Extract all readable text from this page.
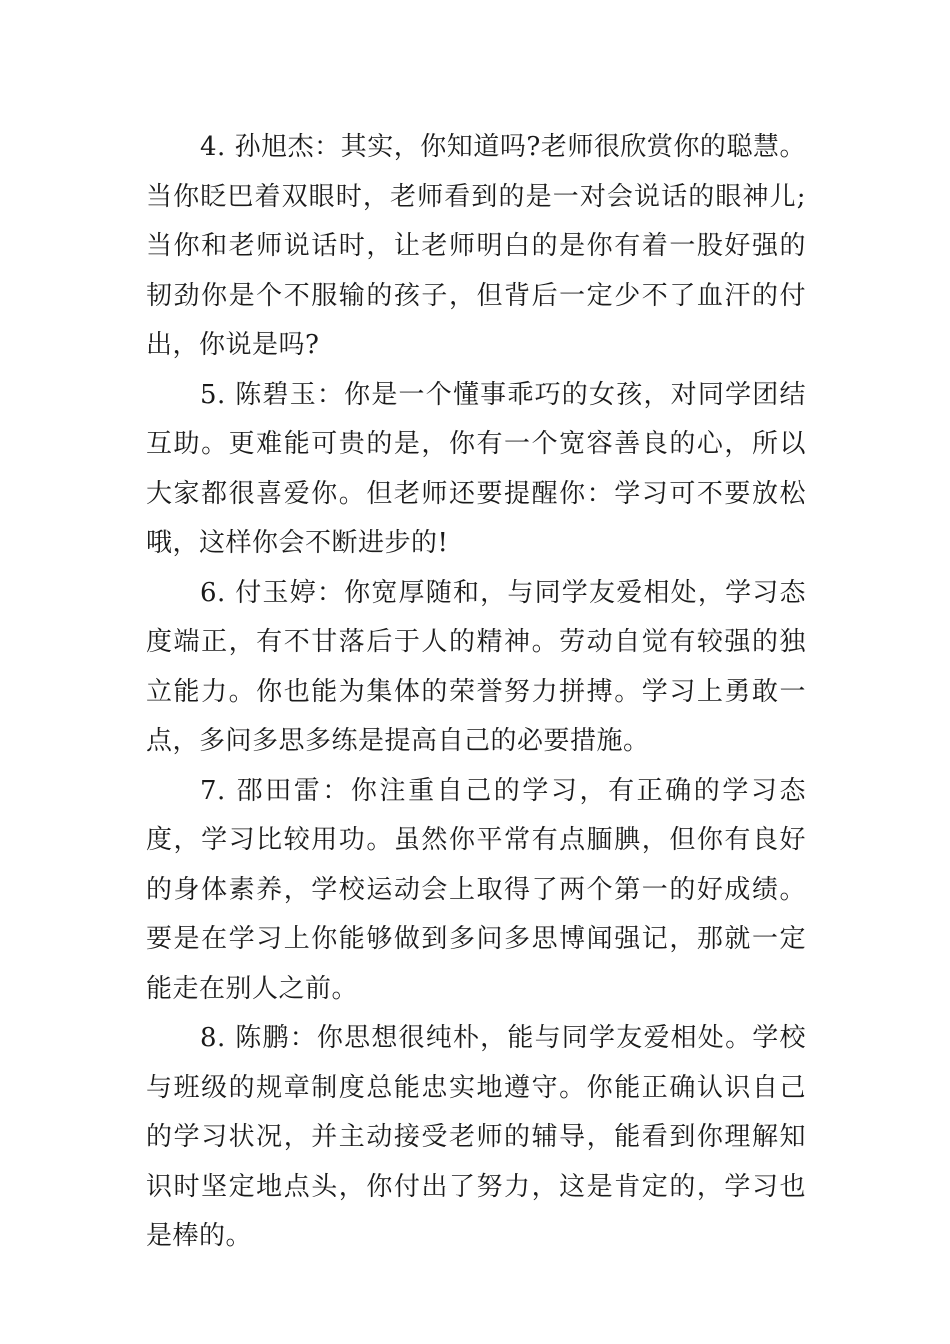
4. 孙旭杰：其实，你知道吗?老师很欣赏你的聪慧。当你眨巴着双眼时，老师看到的是一对会说话的眼神儿;当你和老师说话时，让老师明白的是你有着一股好强的韧劲你是个不服输的孩子，但背后一定少不了血汗的付出，你说是吗?

5. 陈碧玉：你是一个懂事乖巧的女孩，对同学团结互助。更难能可贵的是，你有一个宽容善良的心，所以大家都很喜爱你。但老师还要提醒你：学习可不要放松哦，这样你会不断进步的!

6. 付玉婷：你宽厚随和，与同学友爱相处，学习态度端正，有不甘落后于人的精神。劳动自觉有较强的独立能力。你也能为集体的荣誉努力拼搏。学习上勇敢一点，多问多思多练是提高自己的必要措施。

7. 邵田雷：你注重自己的学习，有正确的学习态度，学习比较用功。虽然你平常有点腼腆，但你有良好的身体素养，学校运动会上取得了两个第一的好成绩。要是在学习上你能够做到多问多思博闻强记，那就一定能走在别人之前。

8. 陈鹏：你思想很纯朴，能与同学友爱相处。学校与班级的规章制度总能忠实地遵守。你能正确认识自己的学习状况，并主动接受老师的辅导，能看到你理解知识时坚定地点头，你付出了努力，这是肯定的，学习也是棒的。
